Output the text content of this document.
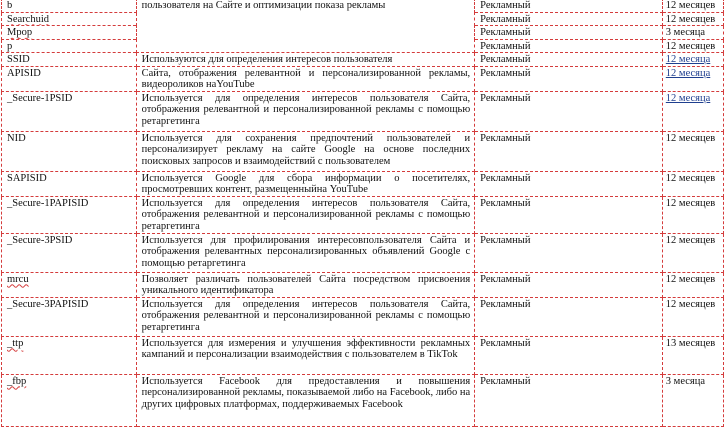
b	пользователя на Сайте и оптимизации показа рекламы	Рекламный	12 месяцев
Searchuid		Рекламный	12 месяцев
Mpop		Рекламный	3 месяца
p		Рекламный	12 месяцев
SSID	Используются для определения интересов пользователя	Рекламный	12 месяца
APISID	Сайта, отображения релевантной и персонализированной рекламы, видеороликов наYouTube	Рекламный	12 месяца
_Secure-1PSID	Используется для определения интересов пользователя Сайта, отображения релевантной и персонализированной рекламы с помощью ретаргетинга	Рекламный	12 месяца
NID	Используется для сохранения предпочтений пользователей и персонализирует рекламу на сайте Google на основе последних поисковых запросов и взаимодействий с пользователем	Рекламный	12 месяцев
SAPISID	Используется Google для сбора информации о посетителях, просмотревших контент, размещенныйна YouTube	Рекламный	12 месяцев
_Secure-1PAPISID	Используется для определения интересов пользователя Сайта, отображения релевантной и персонализированной рекламы с помощью ретаргетинга	Рекламный	12 месяцев
_Secure-3PSID	Используется для профилирования интересовпользователя Сайта и отображения релевантных персонализированных объявлений Google с помощью ретаргетинга	Рекламный	12 месяцев
mrcu	Позволяет различать пользователей Сайта посредством присвоения уникального идентификатора	Рекламный	12 месяцев
_Secure-3PAPISID	Используется для определения интересов пользователя Сайта, отображения релевантной и персонализированной рекламы с помощью ретаргетинга	Рекламный	12 месяцев
_ttp	Используется для измерения и улучшения эффективности рекламных кампаний и персонализации взаимодействия с пользователем в TikTok	Рекламный	13 месяцев
_fbp	Используется Facebook для предоставления и повышения персонализированной рекламы, показываемой либо на Facebook, либо на других цифровых платформах, поддерживаемых Facebook	Рекламный	3 месяца
